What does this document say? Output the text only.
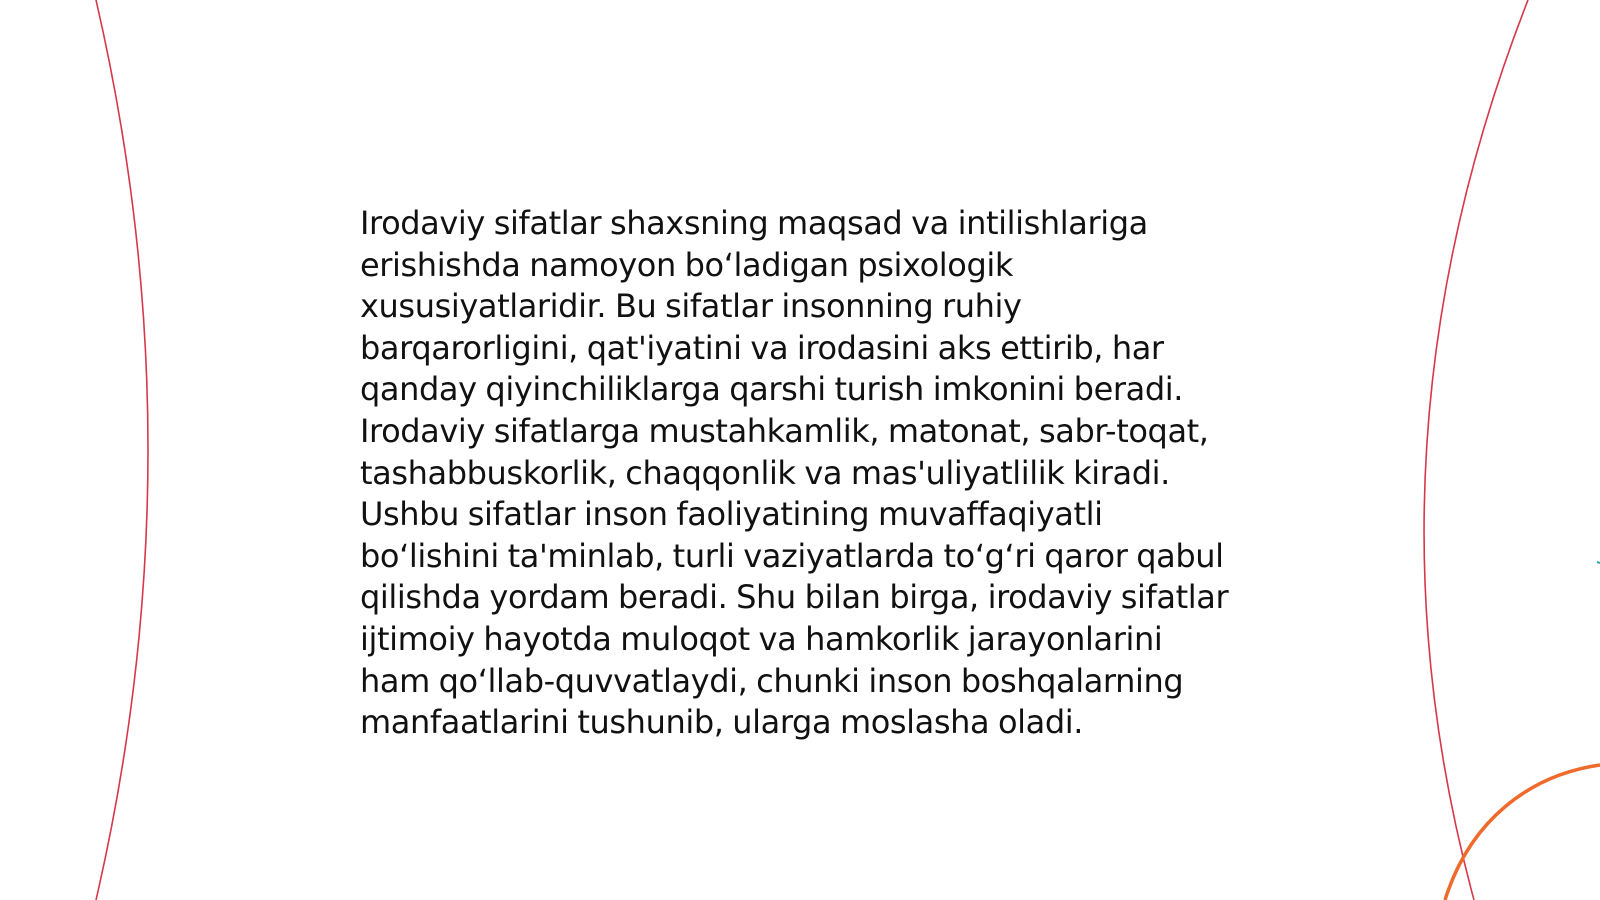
Irodaviy sifatlar shaxsning maqsad va intilishlariga erishishda namoyon bo‘ladigan psixologik xususiyatlaridir. Bu sifatlar insonning ruhiy barqarorligini, qat'iyatini va irodasini aks ettirib, har qanday qiyinchiliklarga qarshi turish imkonini beradi. Irodaviy sifatlarga mustahkamlik, matonat, sabr-toqat, tashabbuskorlik, chaqqonlik va mas'uliyatlilik kiradi. Ushbu sifatlar inson faoliyatining muvaffaqiyatli bo‘lishini ta'minlab, turli vaziyatlarda to‘g‘ri qaror qabul qilishda yordam beradi. Shu bilan birga, irodaviy sifatlar ijtimoiy hayotda muloqot va hamkorlik jarayonlarini ham qo‘llab-quvvatlaydi, chunki inson boshqalarning manfaatlarini tushunib, ularga moslasha oladi.
